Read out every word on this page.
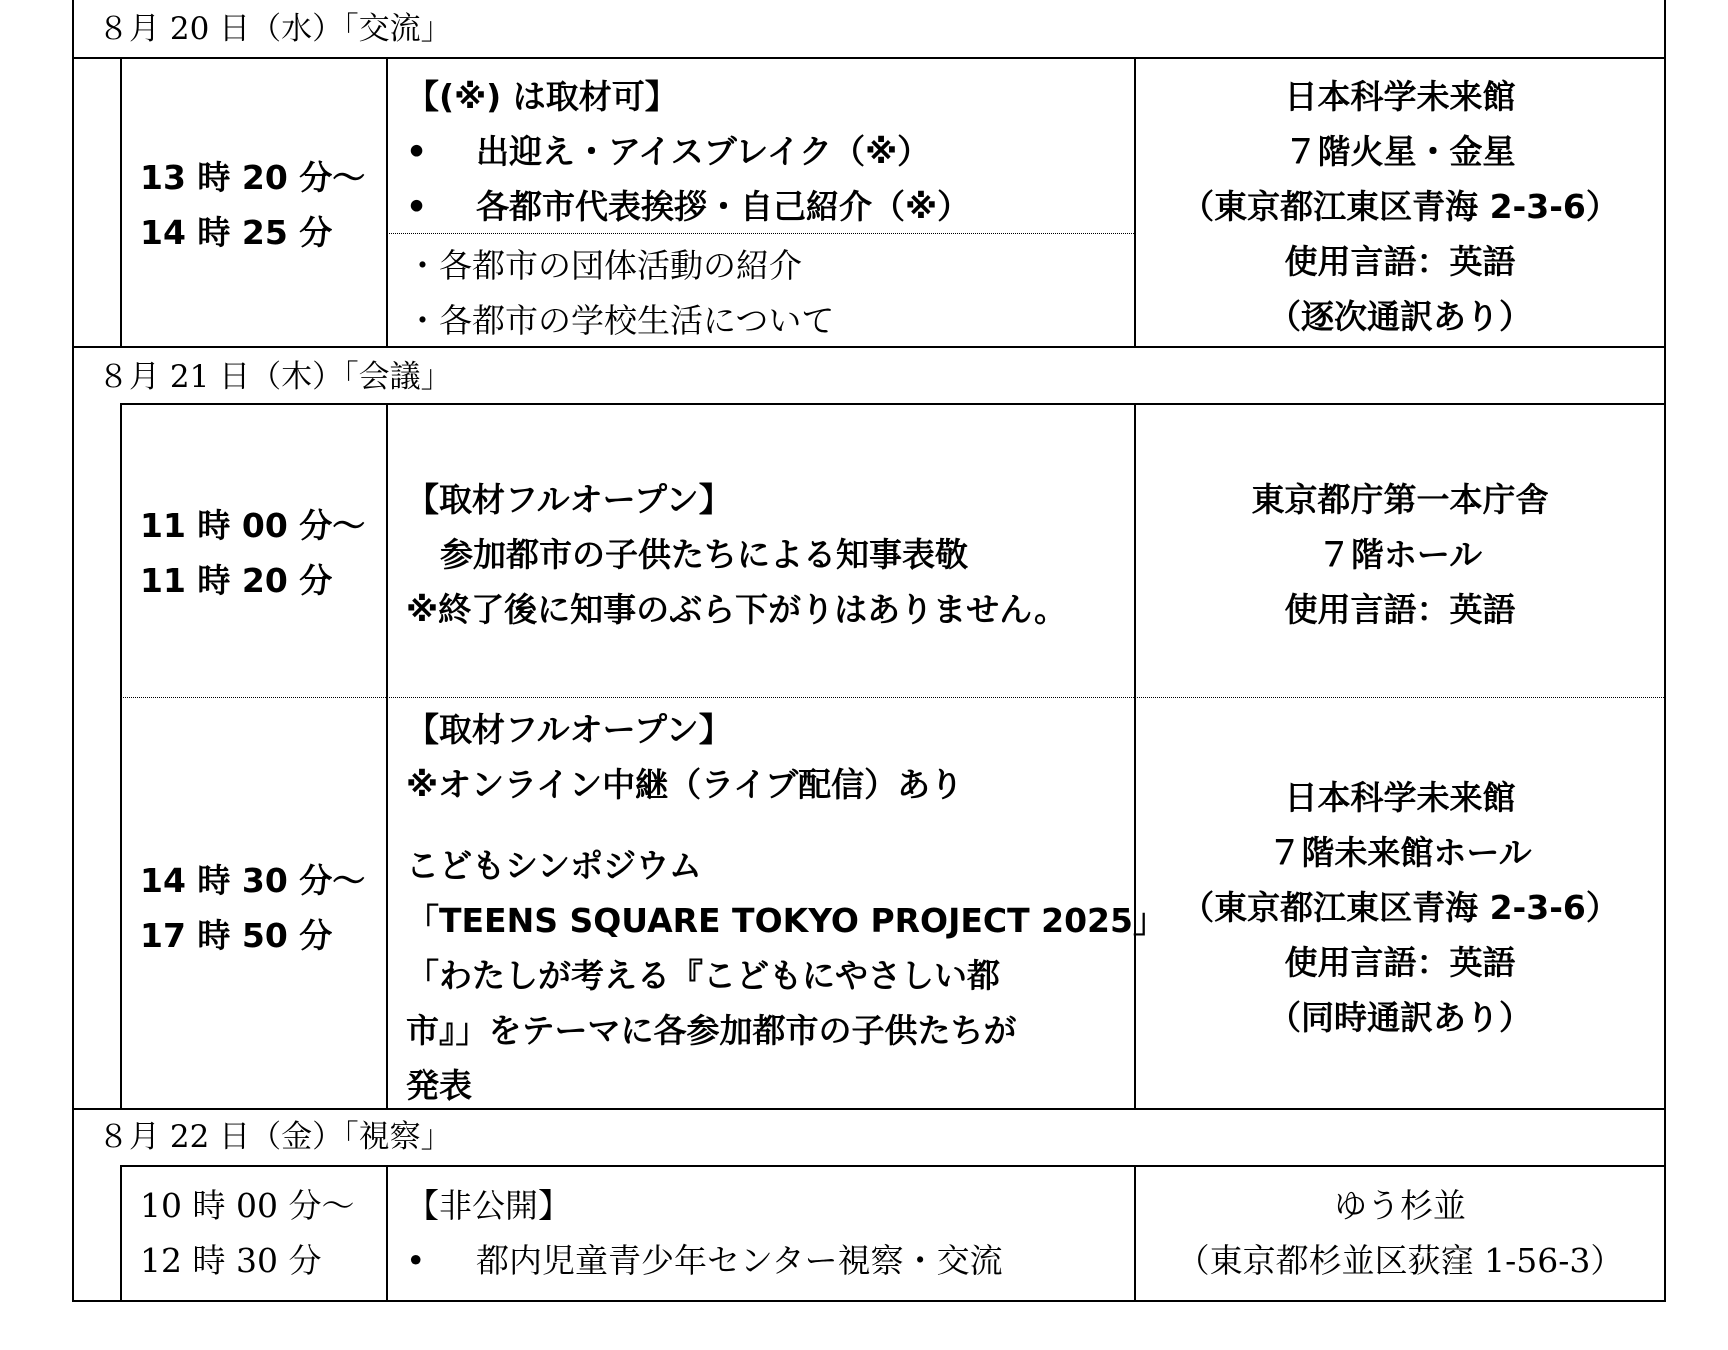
８月 20 日（水）「交流」
13 時 20 分～
14 時 25 分
【(※) は取材可】
• 出迎え・アイスブレイク（※）
• 各都市代表挨拶・自己紹介（※）
・各都市の団体活動の紹介
・各都市の学校生活について
日本科学未来館
７階火星・金星
（東京都江東区青海 2-3-6）
使用言語：英語
（逐次通訳あり）
８月 21 日（木）「会議」
11 時 00 分～
11 時 20 分
【取材フルオープン】
参加都市の子供たちによる知事表敬
※終了後に知事のぶら下がりはありません。
東京都庁第一本庁舎
７階ホール
使用言語：英語
14 時 30 分～
17 時 50 分
【取材フルオープン】
※オンライン中継（ライブ配信）あり
こどもシンポジウム
「TEENS SQUARE TOKYO PROJECT 2025」
「わたしが考える『こどもにやさしい都
市』」をテーマに各参加都市の子供たちが
発表
日本科学未来館
７階未来館ホール
（東京都江東区青海 2-3-6）
使用言語：英語
（同時通訳あり）
８月 22 日（金）「視察」
10 時 00 分～
12 時 30 分
【非公開】
• 都内児童青少年センター視察・交流
ゆう杉並
（東京都杉並区荻窪 1-56-3）
